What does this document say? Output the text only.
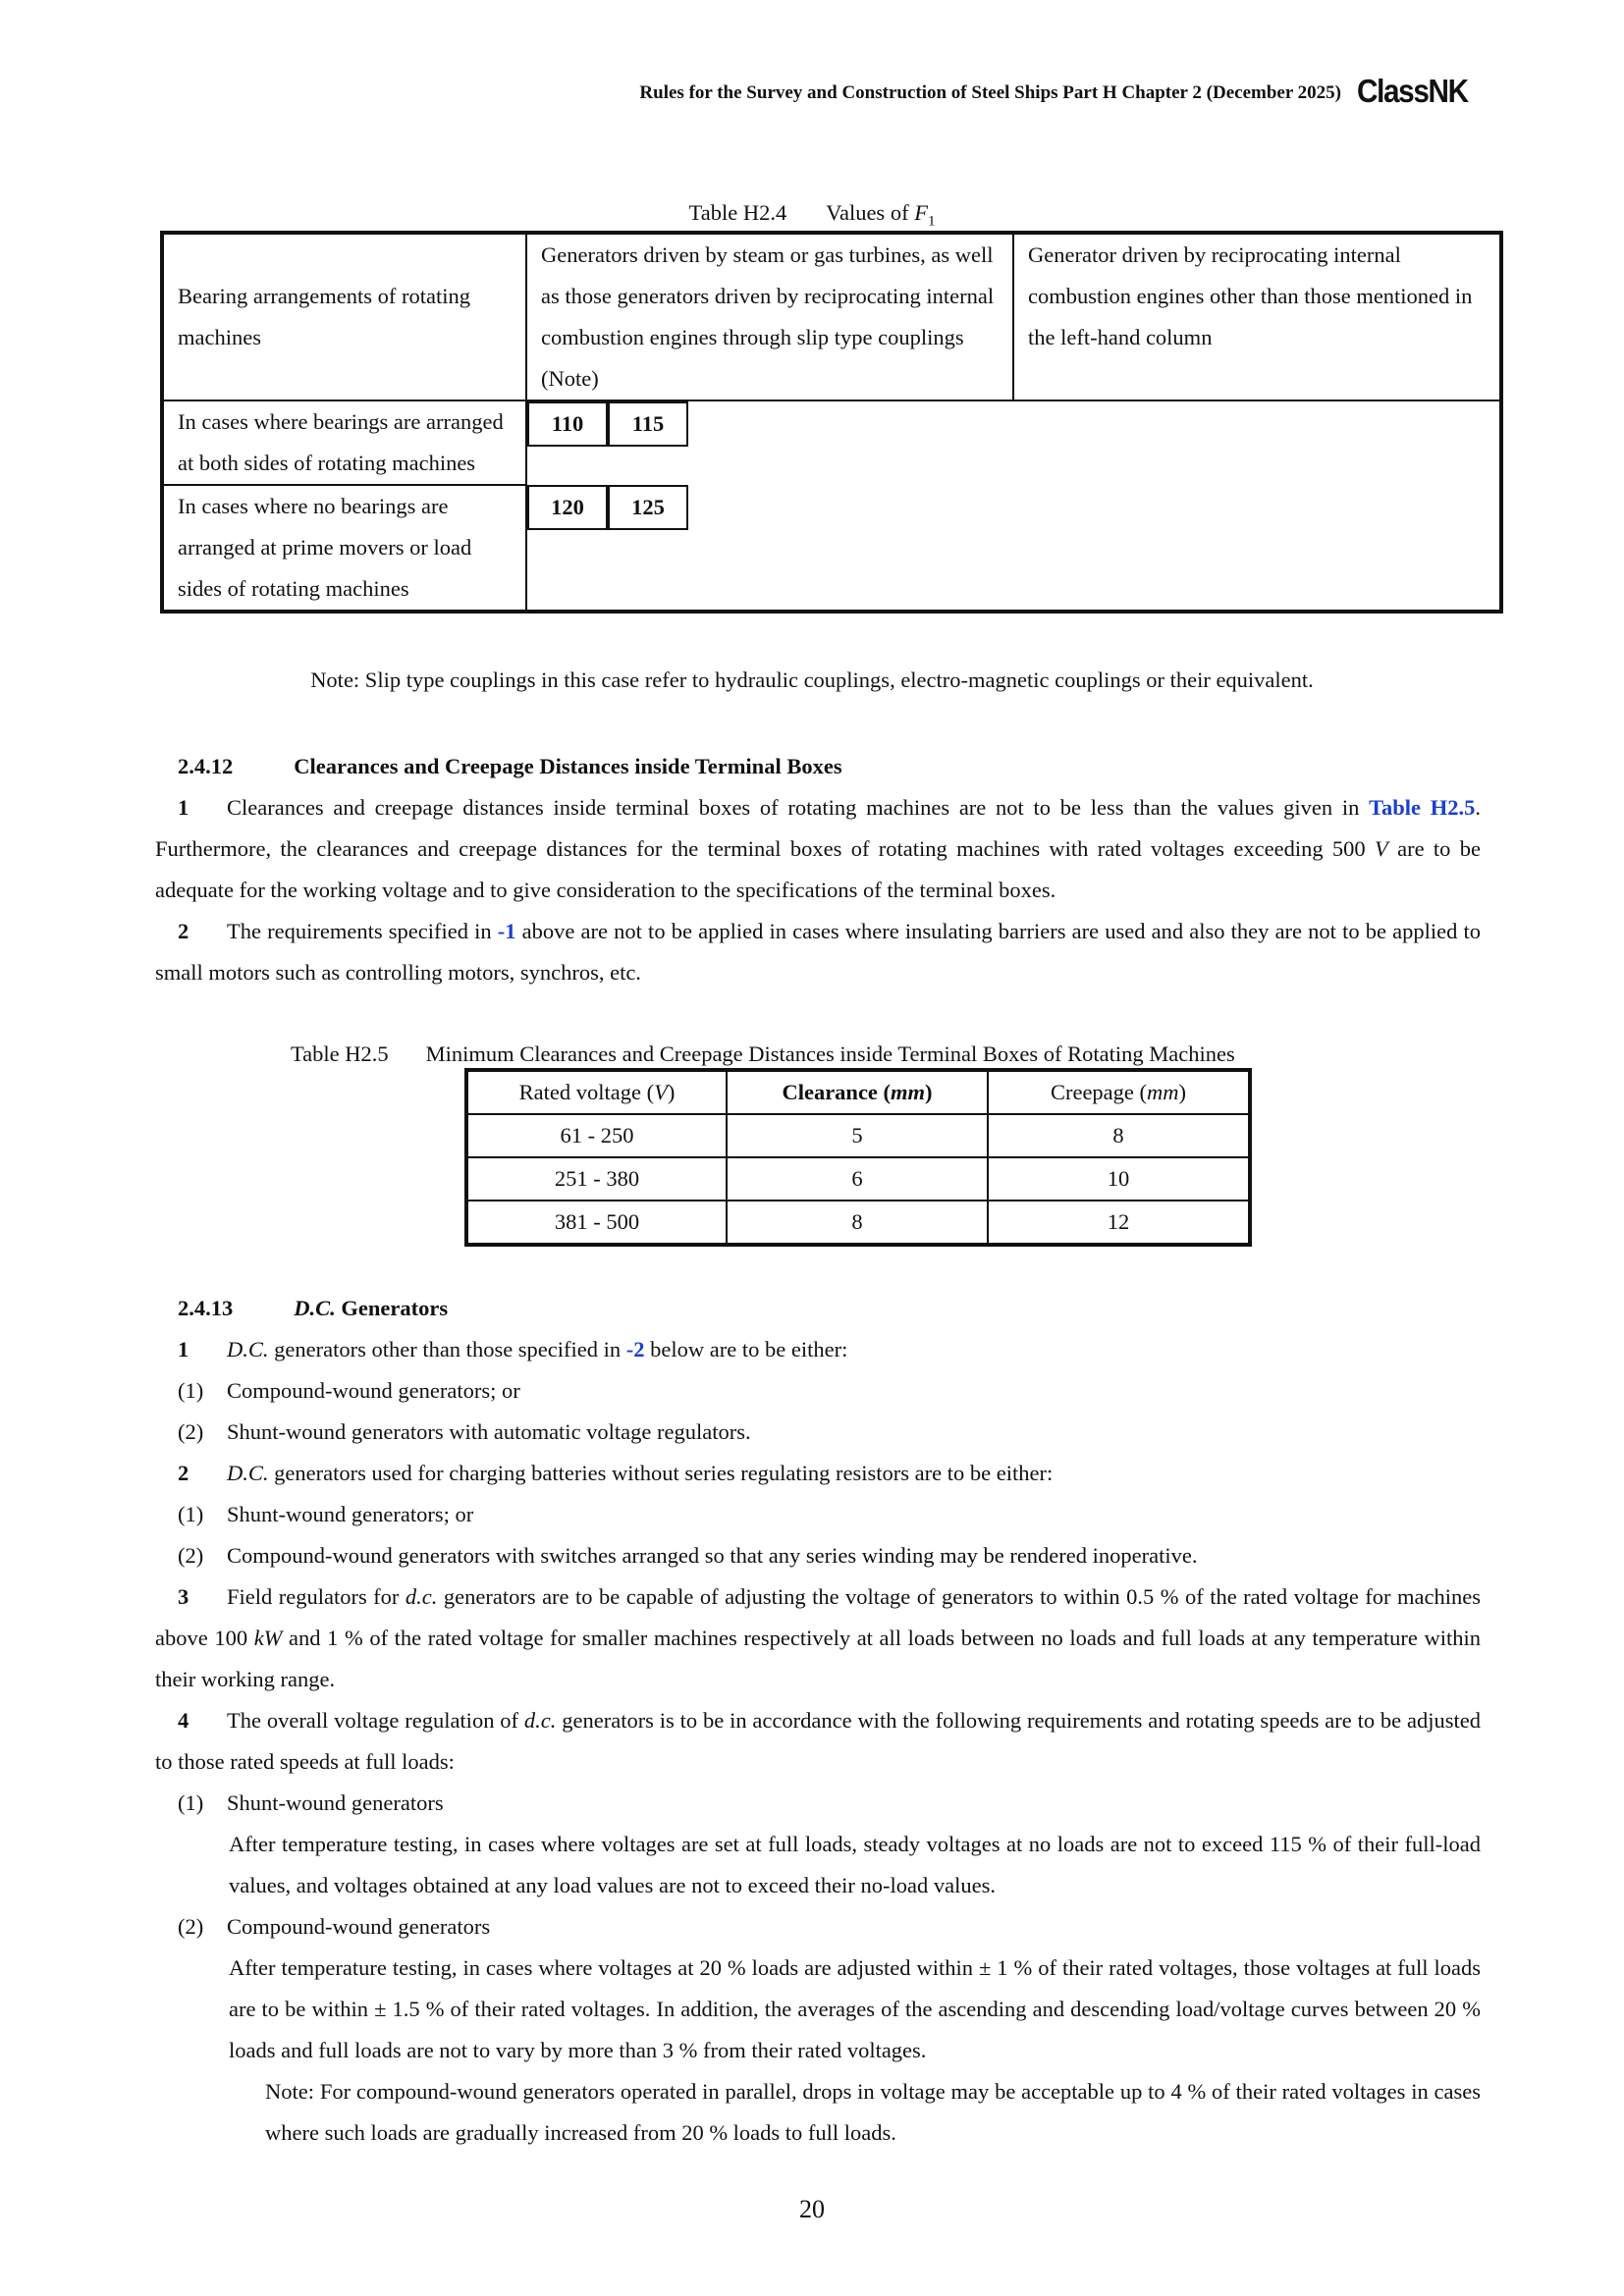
Rules for the Survey and Construction of Steel Ships Part H Chapter 2 (December 2025) ClassNK
Table H2.4 Values of $F_1$
Bearing arrangements of rotating machines	Generators driven by steam or gas turbines, as well as those generators driven by reciprocating internal combustion engines through slip type couplings (Note)	Generator driven by reciprocating internal combustion engines other than those mentioned in the left-hand column
In cases where bearings are arranged at both sides of rotating machines	110 115
In cases where no bearings are arranged at prime movers or load sides of rotating machines	120 125
Note: Slip type couplings in this case refer to hydraulic couplings, electro-magnetic couplings or their equivalent.
2.4.12	Clearances and Creepage Distances inside Terminal Boxes
1 Clearances and creepage distances inside terminal boxes of rotating machines are not to be less than the values given in Table H2.5. Furthermore, the clearances and creepage distances for the terminal boxes of rotating machines with rated voltages exceeding 500 V are to be adequate for the working voltage and to give consideration to the specifications of the terminal boxes.
2 The requirements specified in -1 above are not to be applied in cases where insulating barriers are used and also they are not to be applied to small motors such as controlling motors, synchros, etc.
Table H2.5 Minimum Clearances and Creepage Distances inside Terminal Boxes of Rotating Machines
Rated voltage (V)	Clearance (mm)	Creepage (mm)
61 - 250	5	8
251 - 380	6	10
381 - 500	8	12
2.4.13	D.C. Generators
1 D.C. generators other than those specified in -2 below are to be either:
(1) Compound-wound generators; or
(2) Shunt-wound generators with automatic voltage regulators.
2 D.C. generators used for charging batteries without series regulating resistors are to be either:
(1) Shunt-wound generators; or
(2) Compound-wound generators with switches arranged so that any series winding may be rendered inoperative.
3 Field regulators for d.c. generators are to be capable of adjusting the voltage of generators to within 0.5 % of the rated voltage for machines above 100 kW and 1 % of the rated voltage for smaller machines respectively at all loads between no loads and full loads at any temperature within their working range.
4 The overall voltage regulation of d.c. generators is to be in accordance with the following requirements and rotating speeds are to be adjusted to those rated speeds at full loads:
(1) Shunt-wound generators
After temperature testing, in cases where voltages are set at full loads, steady voltages at no loads are not to exceed 115 % of their full-load values, and voltages obtained at any load values are not to exceed their no-load values.
(2) Compound-wound generators
After temperature testing, in cases where voltages at 20 % loads are adjusted within ± 1 % of their rated voltages, those voltages at full loads are to be within ± 1.5 % of their rated voltages. In addition, the averages of the ascending and descending load/voltage curves between 20 % loads and full loads are not to vary by more than 3 % from their rated voltages.
Note: For compound-wound generators operated in parallel, drops in voltage may be acceptable up to 4 % of their rated voltages in cases where such loads are gradually increased from 20 % loads to full loads.
20
